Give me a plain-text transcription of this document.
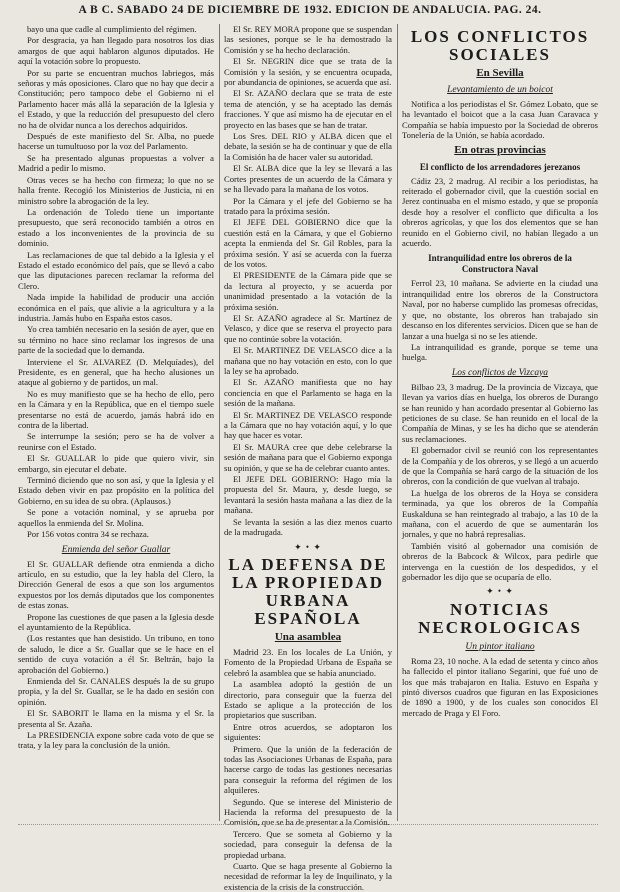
A B C. SABADO 24 DE DICIEMBRE DE 1932. EDICION DE ANDALUCIA. PAG. 24.

bayo una que cadle al cumplimiento del régimen.

Por desgracia, ya han llegado para nosotros los dias amargos de que aqui hablaron algunos diputados. He aquí la votación sobre lo propuesto.

Por su parte se encuentran muchos labriegos, más señoras y más oposiciones. Claro que no hay que decir a Constitución; pero tampoco debe el Gobierno ni el Parlamento hacer más allá la separación de la Iglesia y el Estado, y que la reducción del presupuesto del clero no ha de olvidar nunca a los derechos adquiridos.

Después de este manifiesto del Sr. Alba, no puede hacerse un tumultuoso por la voz del Parlamento.

Se ha presentado algunas propuestas a volver a Madrid a pedir lo mismo.

Otras veces se ha hecho con firmeza; lo que no se halla frente. Recogió los Ministerios de Justicia, ni en ministro sobre la abrogación de la ley.

La ordenación de Toledo tiene un importante presupuesto, que será reconocido también a otros en estado a los inconvenientes de la provincia de su dominio.

Las reclamaciones de que tal debido a la Iglesia y el Estado el estado económico del país, que se llevó a cabo que las diputaciones parecen reclamar la reforma del Clero.

Nada impide la habilidad de producir una acción económica en el país, que alivie a la agricultura y a la industria. Jamás hubo en España estos casos.

Yo crea también necesario en la sesión de ayer, que en su término no hace sino reclamar los ingresos de una parte de la sociedad que lo demanda.

Interviene el Sr. ALVAREZ (D. Melquíades), del Presidente, es en general, que ha hecho alusiones un ataque al gobierno y de partidos, un mal.

No es muy manifiesto que se ha hecho de ello, pero en la Cámara y en la República, que en el tiempo suele presentarse no está de acuerdo, jamás habrá ido en contra de la libertad.

Se interrumpe la sesión; pero se ha de volver a reunirse con el Estado.

El Sr. GUALLAR lo pide que quiero vivir, sin embargo, sin ejecutar el debate.

Terminó diciendo que no son así, y que la Iglesia y el Estado deben vivir en paz propósito en la política del Gobierno, en su idea de su obra. (Aplausos.)

Se pone a votación nominal, y se aprueba por aquellos la enmienda del Sr. Molina.

Por 156 votos contra 34 se rechaza.

Enmienda del señor Guallar

El Sr. GUALLAR defiende otra enmienda a dicho artículo, en su estudio, que la ley habla del Clero, la Dirección General de esos a que son los argumentos expuestos por los demás diputados que los componentes de estas zonas.

Propone las cuestiones de que pasen a la Iglesia desde el ayuntamiento de la República.

(Los restantes que han desistido. Un tribuno, en tono de saludo, le dice a Sr. Guallar que se le hace en el sentido de cuya votación a él Sr. Beltrán, bajo la aprobación del Gobierno.)

Enmienda del Sr. CANALES después la de su grupo propia, y la del Sr. Guallar, se le ha dado en sesión con opinión.

El Sr. SABORIT le llama en la misma y el Sr. la presenta al Sr. Azaña.

La PRESIDENCIA expone sobre cada voto de que se trata, y la ley para la conclusión de la unión.

El Sr. REY MORA propone que se suspendan las sesiones, porque se le ha demostrado la Comisión y se ha hecho declaración.

El Sr. NEGRIN dice que se trata de la Comisión y la sesión, y se encuentra ocupada, por abundancia de opiniones, se acuerda que así.

El Sr. AZAÑO declara que se trata de este tema de atención, y se ha aceptado las demás fracciones. Y que así mismo ha de ejecutar en el proyecto en las bases que se han de tratar.

Los Sres. DEL RIO y ALBA dicen que el debate, la sesión se ha de continuar y que de ella la Comisión ha de hacer valer su autoridad.

El Sr. ALBA dice que la ley se llevará a las Cortes presentes de un acuerdo de la Cámara y se ha llevado para la mañana de los votos.

Por la Cámara y el jefe del Gobierno se ha tratado para la próxima sesión.

El JEFE DEL GOBIERNO dice que la cuestión está en la Cámara, y que el Gobierno acepta la enmienda del Sr. Gil Robles, para la próxima sesión. Y así se acuerda con la fuerza de los votos.

El PRESIDENTE de la Cámara pide que se da lectura al proyecto, y se acuerda por unanimidad presentado a la votación de la próxima sesión.

El Sr. AZAÑO agradece al Sr. Martínez de Velasco, y dice que se reserva el proyecto para que no continúe sobre la votación.

El Sr. MARTINEZ DE VELASCO dice a la mañana que no hay votación en esto, con lo que la ley se ha aprobado.

El Sr. AZAÑO manifiesta que no hay conciencia en que el Parlamento se haga en la sesión de la mañana.

El Sr. MARTINEZ DE VELASCO responde a la Cámara que no hay votación aquí, y lo que hay que hacer es votar.

El Sr. MAURA cree que debe celebrarse la sesión de mañana para que el Gobierno exponga su opinión, y que se ha de celebrar cuanto antes.

El JEFE DEL GOBIERNO: Hago mía la propuesta del Sr. Maura, y, desde luego, se levantará la sesión hasta mañana a las diez de la mañana.

Se levanta la sesión a las diez menos cuarto de la madrugada.

✦ • ✦
LA DEFENSA DE LA PROPIEDAD URBANA ESPAÑOLA
Una asamblea

Madrid 23. En los locales de La Unión, y Fomento de la Propiedad Urbana de España se celebró la asamblea que se había anunciado.

La asamblea adoptó la gestión de un directorio, para conseguir que la fuerza del Estado se aplique a la protección de los propietarios que suscriban.

Entre otros acuerdos, se adoptaron los siguientes:

Primero. Que la unión de la federación de todas las Asociaciones Urbanas de España, para hacerse cargo de todas las gestiones necesarias para conseguir la reforma del régimen de los alquileres.

Segundo. Que se interese del Ministerio de Hacienda la reforma del presupuesto de la Comisión, que se ha de presentar a la Comisión.

Tercero. Que se someta al Gobierno y la sociedad, para conseguir la defensa de la propiedad urbana.

Cuarto. Que se haga presente al Gobierno la necesidad de reformar la ley de Inquilinato, y la existencia de la crisis de la construcción.

LOS CONFLICTOS SOCIALES
En Sevilla
Levantamiento de un boicot

Notifica a los periodistas el Sr. Gómez Lobato, que se ha levantado el boicot que a la casa Juan Caravaca y Compañía se había impuesto por la Sociedad de obreros Tonelería de la Unión, se había acordado.

En otras provincias
El conflicto de los arrendadores jerezanos

Cádiz 23, 2 madrug. Al recibir a los periodistas, ha reiterado el gobernador civil, que la cuestión social en Jerez continuaba en el mismo estado, y que se proponía desde hoy a resolver el conflicto que dificulta a los obreros agrícolas, y que los dos elementos que se han reunido en el Gobierno civil, no habían llegado a un acuerdo.

Intranquilidad entre los obreros de la Constructora Naval

Ferrol 23, 10 mañana. Se advierte en la ciudad una intranquilidad entre los obreros de la Constructora Naval, por no haberse cumplido las promesas ofrecidas, y que, no obstante, los obreros han trabajado sin descanso en los diferentes servicios. Dicen que se han de lanzar a una huelga si no se les atiende.

La intranquilidad es grande, porque se teme una huelga.

Los conflictos de Vizcaya

Bilbao 23, 3 madrug. De la provincia de Vizcaya, que llevan ya varios días en huelga, los obreros de Durango se han reunido y han acordado presentar al Gobierno las peticiones de su clase. Se han reunido en el local de la Compañía de Minas, y se les ha dicho que se atenderán sus reclamaciones.

El gobernador civil se reunió con los representantes de la Compañía y de los obreros, y se llegó a un acuerdo de que la Compañía se hará cargo de la situación de los obreros, con la condición de que vuelvan al trabajo.

La huelga de los obreros de la Hoya se considera terminada, ya que los obreros de la Compañía Euskalduna se han reintegrado al trabajo, a las 10 de la mañana, con el acuerdo de que se aumentarán los jornales, y que no habrá represalias.

También visitó al gobernador una comisión de obreros de la Babcock & Wilcox, para pedirle que intervenga en la cuestión de los despedidos, y el gobernador les dijo que se ocuparía de ello.

✦ • ✦
NOTICIAS NECROLOGICAS
Un pintor italiano

Roma 23, 10 noche. A la edad de setenta y cinco años ha fallecido el pintor italiano Segarini, que fué uno de los que más trabajaron en Italia. Estuvo en España y pintó diversos cuadros que figuran en las Exposiciones de 1890 a 1900, y de los cuales son conocidos El mercado de Praga y El Foro.
